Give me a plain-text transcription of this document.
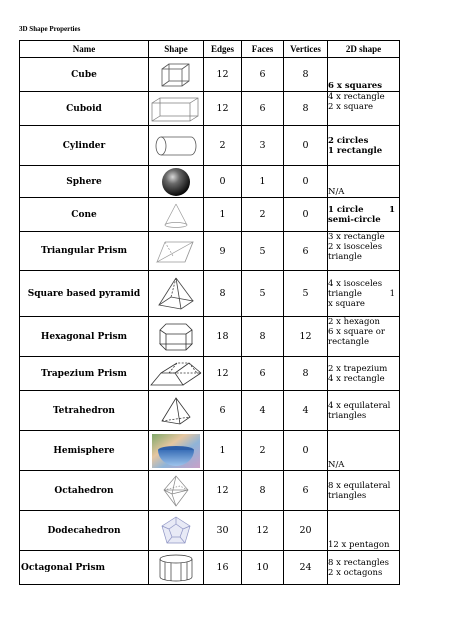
3D Shape Properties
Name	Shape	Edges	Faces	Vertices	2D shape
Cube		12	6	8	6 x squares

Cuboid		12	6	8	4 x rectangle
2 x square

Cylinder		2	3	0	2 circles
1 rectangle

Sphere		0	1	0	N/A

Cone		1	2	0	1 circle 1
semi-circle

Triangular Prism		9	5	6	3 x rectangle
2 x isosceles
triangle

Square based pyramid		8	5	5	4 x isosceles
triangle 1
x square

Hexagonal Prism		18	8	12	2 x hexagon
6 x square or
rectangle

Trapezium Prism		12	6	8	2 x trapezium
4 x rectangle

Tetrahedron		6	4	4	4 x equilateral
triangles

Hemisphere		1	2	0	N/A

Octahedron		12	8	6	8 x equilateral
triangles

Dodecahedron		30	12	20	12 x pentagon

Octagonal Prism		16	10	24	8 x rectangles
2 x octagons
